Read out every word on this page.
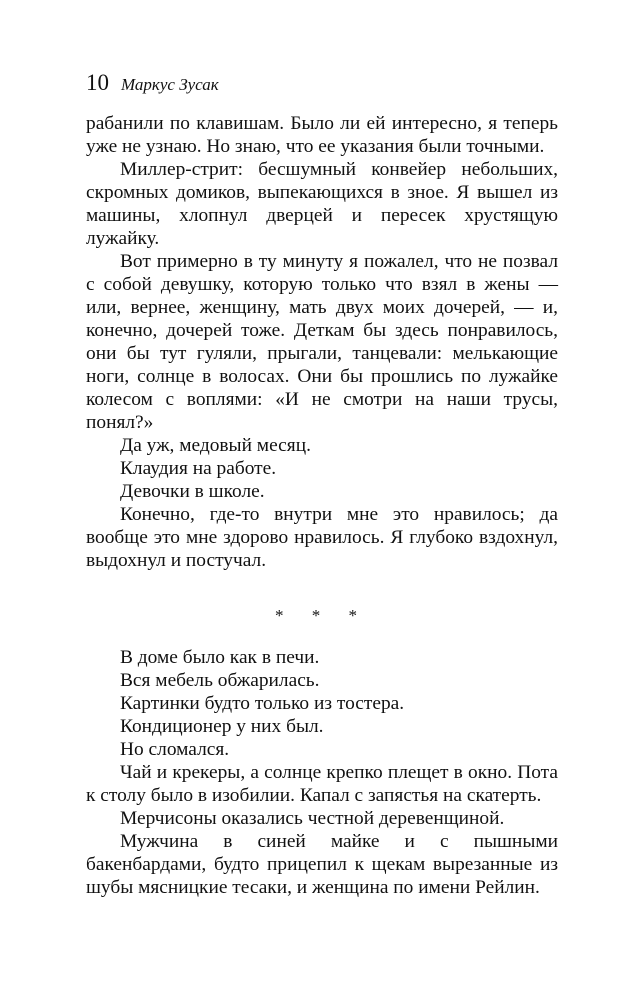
10 Маркус Зусак

рабанили по клавишам. Было ли ей интересно, я теперь уже не узнаю. Но знаю, что ее указания были точными.

Миллер-стрит: бесшумный конвейер небольших, скромных домиков, выпекающихся в зное. Я вышел из машины, хлопнул дверцей и пересек хрустящую лужайку.

Вот примерно в ту минуту я пожалел, что не позвал с собой девушку, которую только что взял в жены — или, вернее, женщину, мать двух моих дочерей, — и, конечно, дочерей тоже. Деткам бы здесь понравилось, они бы тут гуляли, прыгали, танцевали: мелькающие ноги, солнце в волосах. Они бы прошлись по лужайке колесом с воплями: «И не смотри на наши трусы, понял?»

Да уж, медовый месяц.

Клаудия на работе.

Девочки в школе.

Конечно, где-то внутри мне это нравилось; да вообще это мне здорово нравилось. Я глубоко вздохнул, выдохнул и постучал.

* * *

В доме было как в печи.

Вся мебель обжарилась.

Картинки будто только из тостера.

Кондиционер у них был.

Но сломался.

Чай и крекеры, а солнце крепко плещет в окно. Пота к столу было в изобилии. Капал с запястья на скатерть.

Мерчисоны оказались честной деревенщиной.

Мужчина в синей майке и с пышными бакенбардами, будто прицепил к щекам вырезанные из шубы мясницкие тесаки, и женщина по имени Рейлин.
